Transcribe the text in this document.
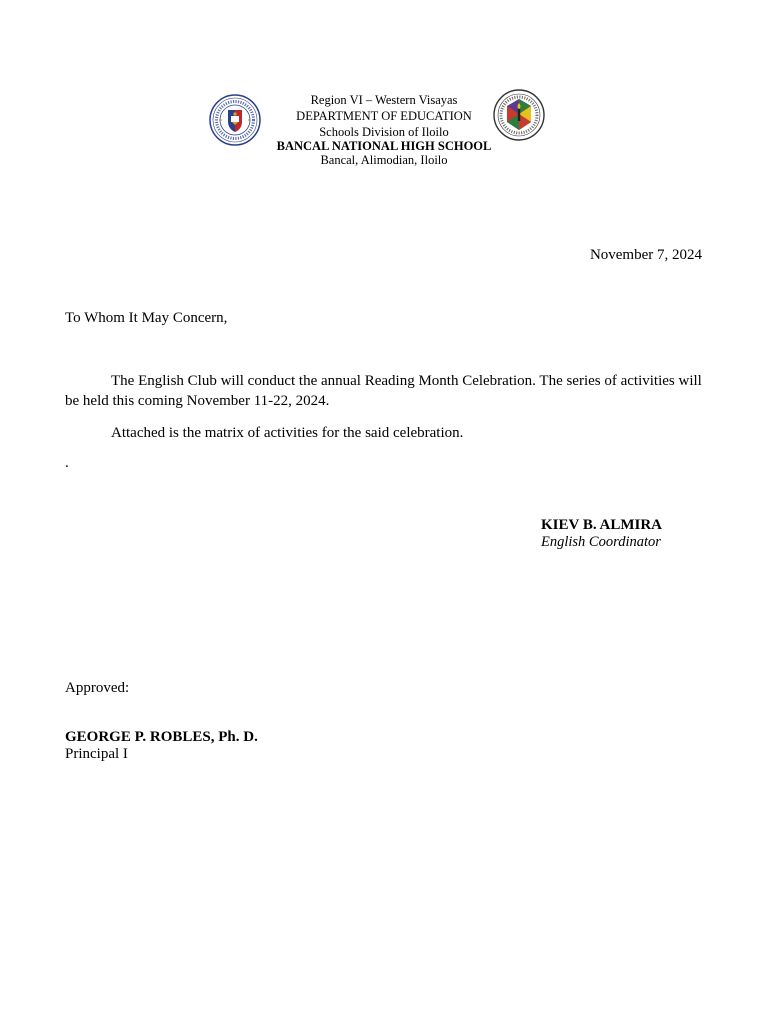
Region VI – Western Visayas
DEPARTMENT OF EDUCATION
Schools Division of Iloilo
BANCAL NATIONAL HIGH SCHOOL
Bancal, Alimodian, Iloilo
November 7, 2024
To Whom It May Concern,
The English Club will conduct the annual Reading Month Celebration. The series of activities will be held this coming November 11-22, 2024.
Attached is the matrix of activities for the said celebration.
.
KIEV B. ALMIRA
English Coordinator
Approved:
GEORGE P. ROBLES, Ph. D.
Principal I
